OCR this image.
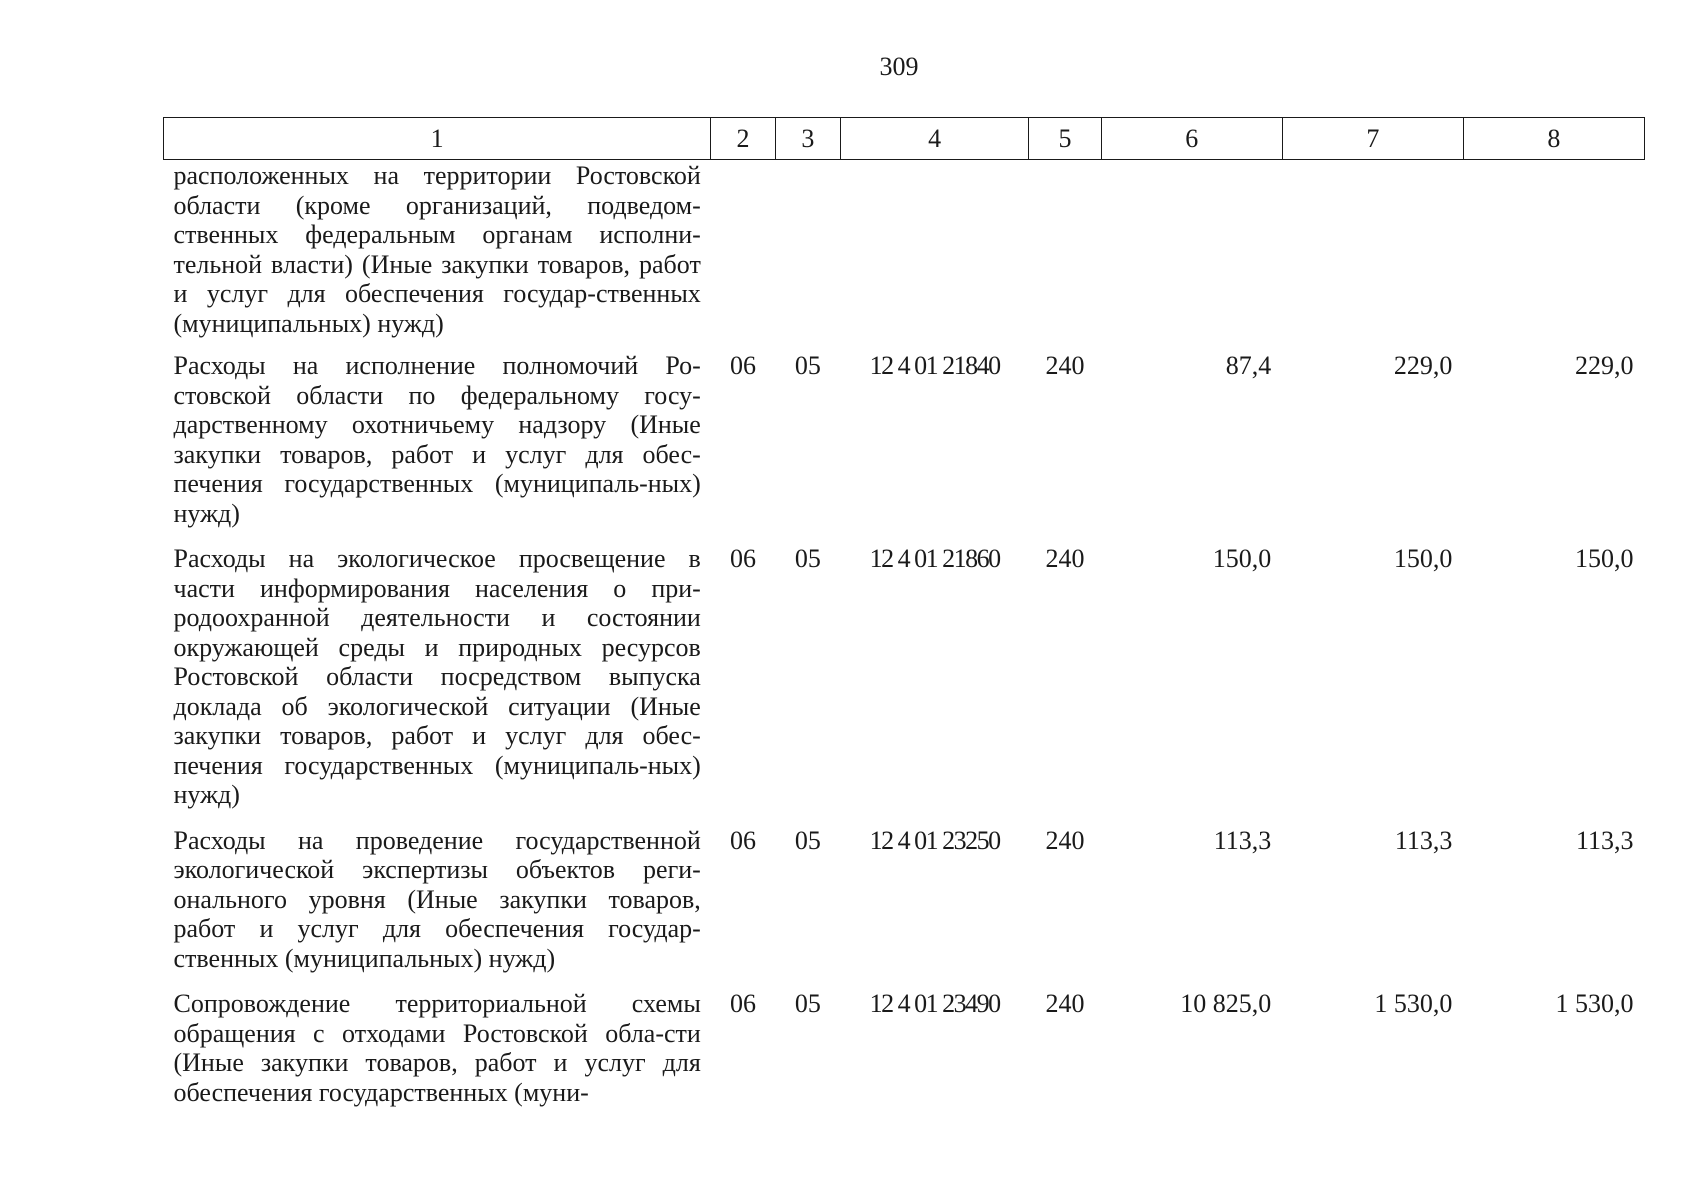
309
1	2	3	4	5	6	7	8
расположенных на территории Ростовской области (кроме организаций, подведом-ственных федеральным органам исполни-тельной власти) (Иные закупки товаров, работ и услуг для обеспечения государ-ственных (муниципальных) нужд)							
Расходы на исполнение полномочий Ро-стовской области по федеральному госу-дарственному охотничьему надзору (Иные закупки товаров, работ и услуг для обес-печения государственных (муниципаль-ных) нужд)	06	05	12 4 01 21840	240	87,4	229,0	229,0
Расходы на экологическое просвещение в части информирования населения о при-родоохранной деятельности и состоянии окружающей среды и природных ресурсов Ростовской области посредством выпуска доклада об экологической ситуации (Иные закупки товаров, работ и услуг для обес-печения государственных (муниципаль-ных) нужд)	06	05	12 4 01 21860	240	150,0	150,0	150,0
Расходы на проведение государственной экологической экспертизы объектов реги-онального уровня (Иные закупки товаров, работ и услуг для обеспечения государ-ственных (муниципальных) нужд)	06	05	12 4 01 23250	240	113,3	113,3	113,3
Сопровождение территориальной схемы обращения с отходами Ростовской обла-сти (Иные закупки товаров, работ и услуг для обеспечения государственных (муни-	06	05	12 4 01 23490	240	10 825,0	1 530,0	1 530,0
